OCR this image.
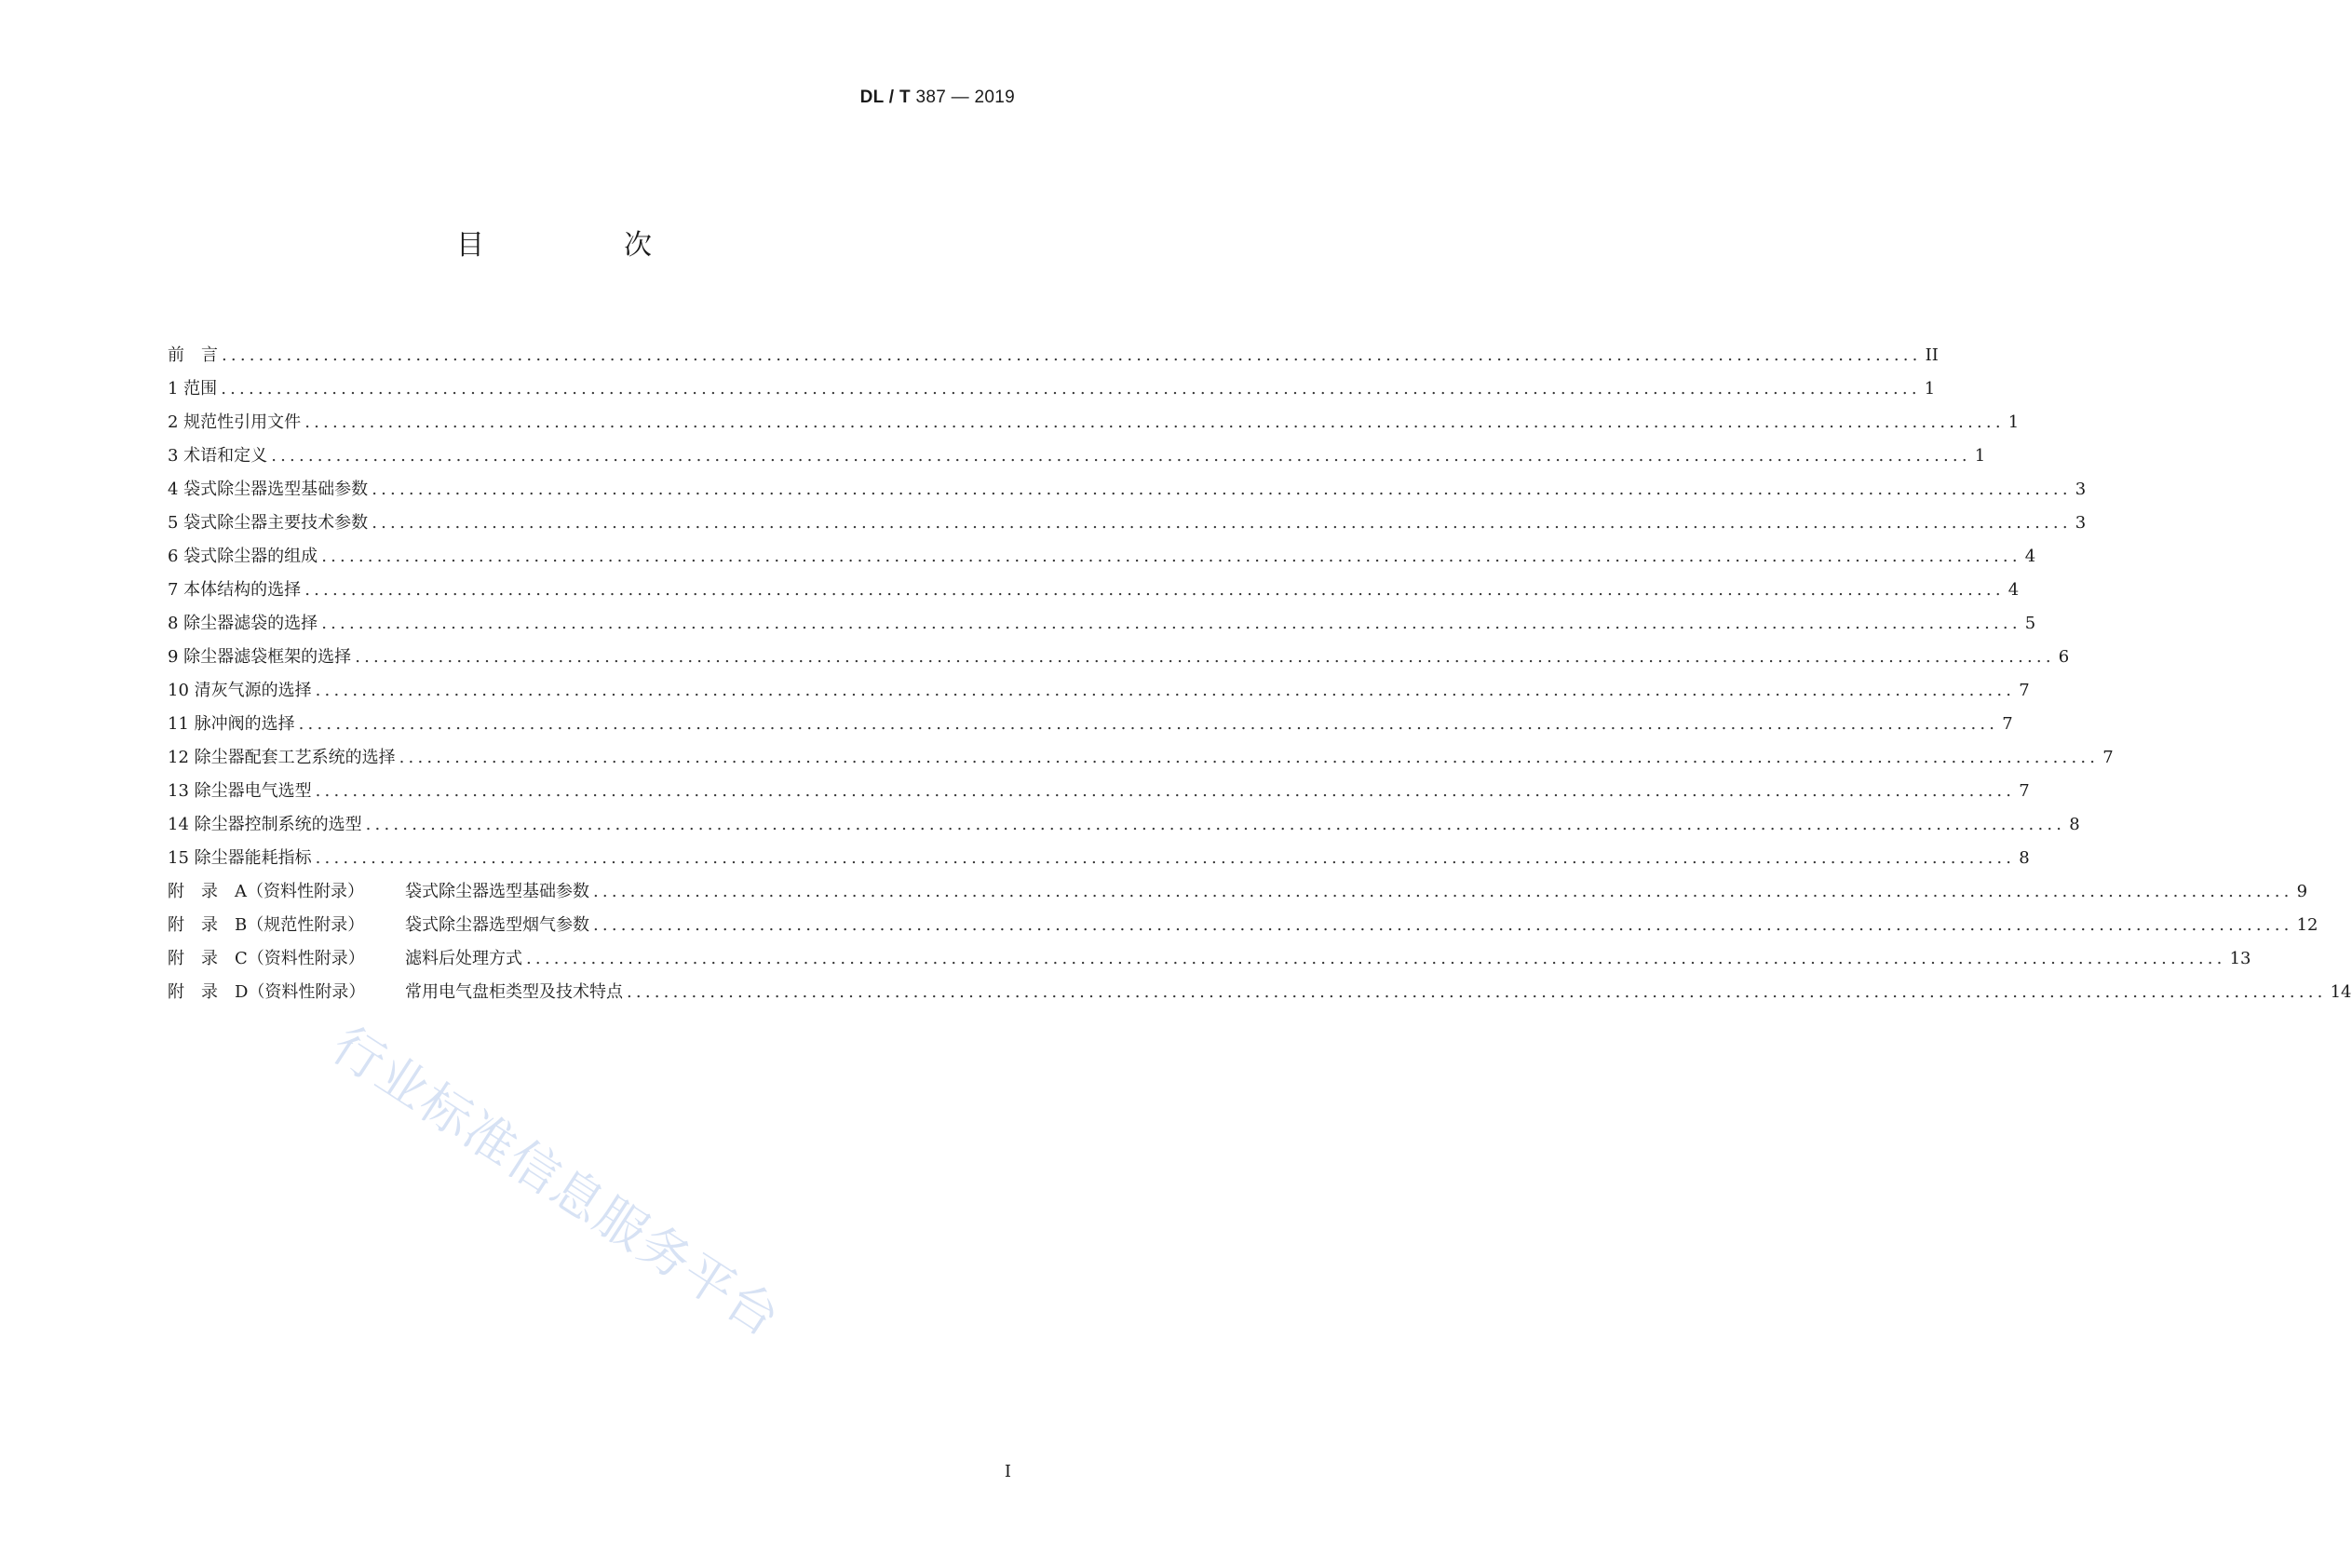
DL / T 387 — 2019
目　次
前　言 ........................................................................................................................................................................................ II
1 范围 ........................................................................................................................................................................................ 1
2 规范性引用文件 ........................................................................................................................................................................................ 1
3 术语和定义 ........................................................................................................................................................................................ 1
4 袋式除尘器选型基础参数 ........................................................................................................................................................................................ 3
5 袋式除尘器主要技术参数 ........................................................................................................................................................................................ 3
6 袋式除尘器的组成 ........................................................................................................................................................................................ 4
7 本体结构的选择 ........................................................................................................................................................................................ 4
8 除尘器滤袋的选择 ........................................................................................................................................................................................ 5
9 除尘器滤袋框架的选择 ........................................................................................................................................................................................ 6
10 清灰气源的选择 ........................................................................................................................................................................................ 7
11 脉冲阀的选择 ........................................................................................................................................................................................ 7
12 除尘器配套工艺系统的选择 ........................................................................................................................................................................................ 7
13 除尘器电气选型 ........................................................................................................................................................................................ 7
14 除尘器控制系统的选型 ........................................................................................................................................................................................ 8
15 除尘器能耗指标 ........................................................................................................................................................................................ 8
附　录　A（资料性附录） 袋式除尘器选型基础参数 ........................................................................................................................................................................................ 9
附　录　B（规范性附录） 袋式除尘器选型烟气参数 ........................................................................................................................................................................................ 12
附　录　C（资料性附录） 滤料后处理方式 ........................................................................................................................................................................................ 13
附　录　D（资料性附录） 常用电气盘柜类型及技术特点 ........................................................................................................................................................................................ 14
行业标准信息服务平台
I
